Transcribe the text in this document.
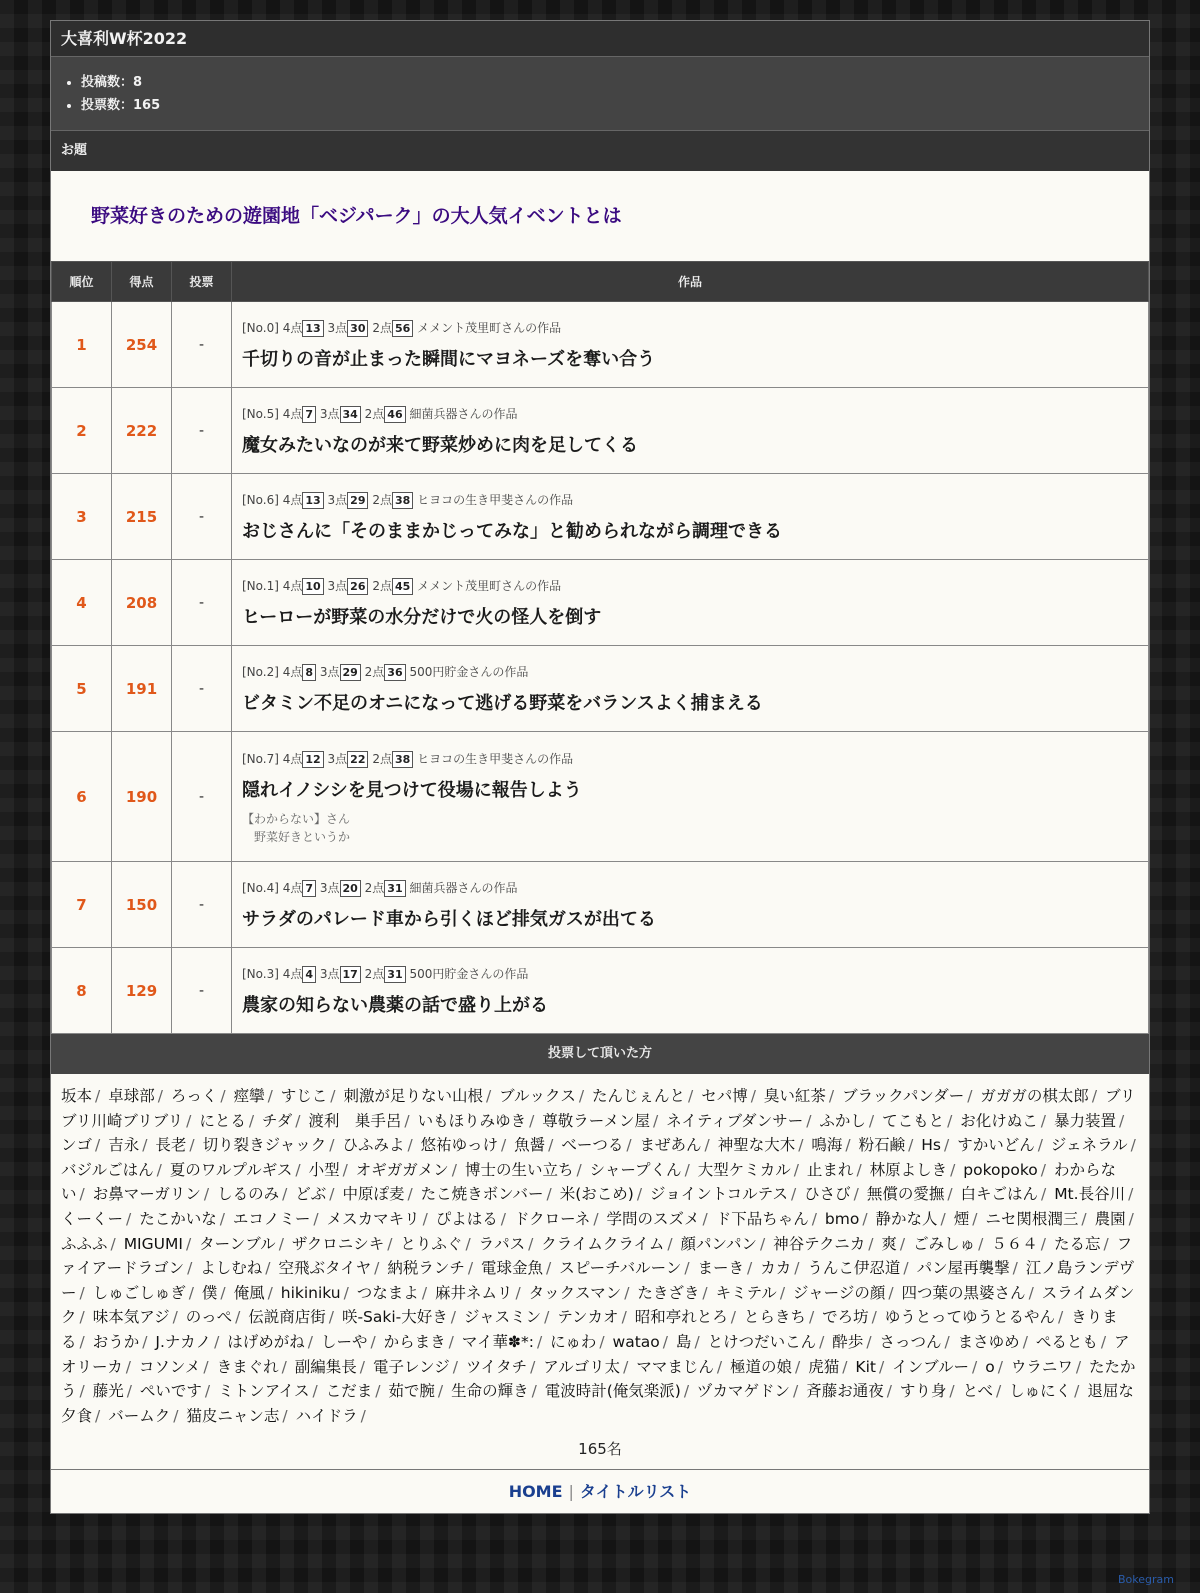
大喜利W杯2022
• 投稿数：8
• 投票数：165
お題
野菜好きのための遊園地「ベジパーク」の大人気イベントとは
順位	得点	投票	作品
1	254	-	[No.0] 4点 13 3点 30 2点 56 メメント茂里町さんの作品
千切りの音が止まった瞬間にマヨネーズを奪い合う

2	222	-	[No.5] 4点 7 3点 34 2点 46 細菌兵器さんの作品
魔女みたいなのが来て野菜炒めに肉を足してくる

3	215	-	[No.6] 4点 13 3点 29 2点 38 ヒヨコの生き甲斐さんの作品
おじさんに「そのままかじってみな」と勧められながら調理できる

4	208	-	[No.1] 4点 10 3点 26 2点 45 メメント茂里町さんの作品
ヒーローが野菜の水分だけで火の怪人を倒す

5	191	-	[No.2] 4点 8 3点 29 2点 36 500円貯金さんの作品
ビタミン不足のオニになって逃げる野菜をバランスよく捕まえる

6	190	-	[No.7] 4点 12 3点 22 2点 38 ヒヨコの生き甲斐さんの作品
隠れイノシシを見つけて役場に報告しよう
【わからない】さん
野菜好きというか

7	150	-	[No.4] 4点 7 3点 20 2点 31 細菌兵器さんの作品
サラダのパレード車から引くほど排気ガスが出てる

8	129	-	[No.3] 4点 4 3点 17 2点 31 500円貯金さんの作品
農家の知らない農薬の話で盛り上がる
投票して頂いた方
坂本 / 卓球部 / ろっく / 痙攣 / すじこ / 刺激が足りない山根 / ブルックス / たんじぇんと / セパ博 / 臭い紅茶 / ブラックパンダー / ガガガの棋太郎 / ブリブリ川崎ブリブリ / にとる / チダ / 渡利　巣手呂 / いもほりみゆき / 尊敬ラーメン屋 / ネイティブダンサー / ふかし / てこもと / お化けぬこ / 暴力装置 / ンゴ / 吉永 / 長老 / 切り裂きジャック / ひふみよ / 悠祐ゆっけ / 魚醤 / べーつる / まぜあん / 神聖な大木 / 鳴海 / 粉石鹸 / Hs / すかいどん / ジェネラル / バジルごはん / 夏のワルプルギス / 小型 / オギガガメン / 博士の生い立ち / シャープくん / 大型ケミカル / 止まれ / 林原よしき / pokopoko / わからない / お鼻マーガリン / しるのみ / どぶ / 中原ぽ麦 / たこ焼きボンバー / 米(おこめ) / ジョイントコルテス / ひさび / 無償の愛撫 / 白キごはん / Mt.長谷川 / くーくー / たこかいな / エコノミー / メスカマキリ / ぴよはる / ドクローネ / 学問のスズメ / ド下品ちゃん / bmo / 静かな人 / 煙 / ニセ関根潤三 / 農園 / ふふふ / MIGUMI / ターンブル / ザクロニシキ / とりふぐ / ラパス / クライムクライム / 顔パンパン / 神谷テクニカ / 爽 / ごみしゅ / ５６４ / たる忘 / ファイアードラゴン / よしむね / 空飛ぶタイヤ / 納税ランチ / 電球金魚 / スピーチバルーン / まーき / カカ / うんこ伊忍道 / パン屋再襲撃 / 江ノ島ランデヴー / しゅごしゅぎ / 僕 / 俺風 / hikiniku / つなまよ / 麻井ネムリ / タックスマン / たきざき / キミテル / ジャージの顔 / 四つ葉の黒婆さん / スライムダンク / 味本気アジ / のっぺ / 伝説商店街 / 咲-Saki-大好き / ジャスミン / テンカオ / 昭和亭れとろ / とらきち / でろ坊 / ゆうとってゆうとるやん / きりまる / おうか / J.ナカノ / はげめがね / しーや / からまき / マイ華✽*: / にゅわ / watao / 島 / とけつだいこん / 酔歩 / さっつん / まさゆめ / ぺるとも / アオリーカ / コソンメ / きまぐれ / 副編集長 / 電子レンジ / ツイタチ / アルゴリ太 / ママまじん / 極道の娘 / 虎猫 / Kit / インブルー / o / ウラニワ / たたかう / 藤光 / ぺいです / ミトンアイス / こだま / 茹で腕 / 生命の輝き / 電波時計(俺気楽派) / ヅカマゲドン / 斉藤お通夜 / すり身 / とべ / しゅにく / 退屈な夕食 / バームク / 猫皮ニャン志 / ハイドラ /
165名
HOME | タイトルリスト
Bokegram
